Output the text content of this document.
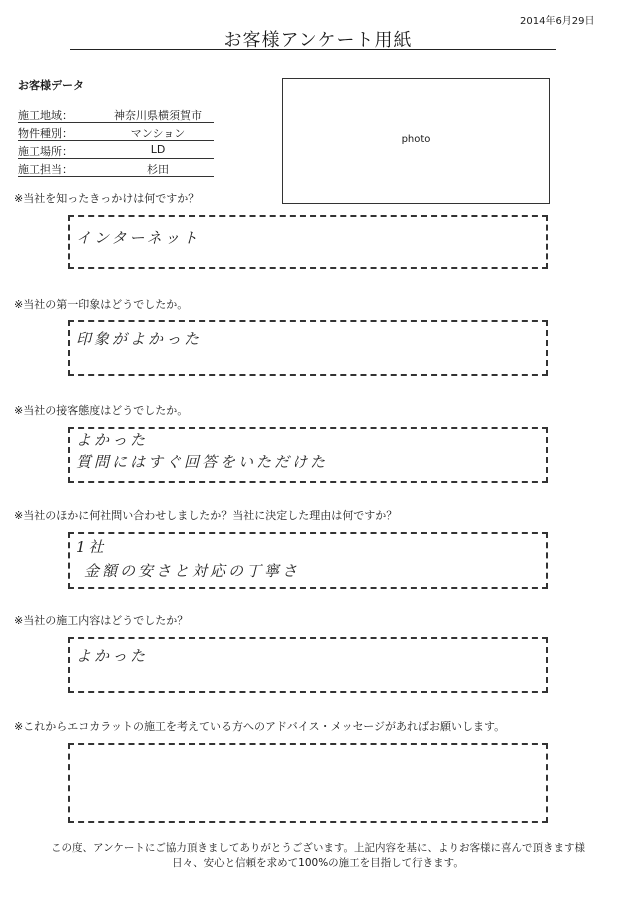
2014年6月29日
お客様アンケート用紙
お客様データ
施工地域：	神奈川県横須賀市
物件種別：	マンション
施工場所：	LD
施工担当：	杉田
photo
※当社を知ったきっかけは何ですか？
インターネット
※当社の第一印象はどうでしたか。
印象がよかった
※当社の接客態度はどうでしたか。
よかった
質問にはすぐ回答をいただけた
※当社のほかに何社問い合わせしましたか？当社に決定した理由は何ですか？
1社
金額の安さと対応の丁寧さ
※当社の施工内容はどうでしたか？
よかった
※これからエコカラットの施工を考えている方へのアドバイス・メッセージがあればお願いします。
この度、アンケートにご協力頂きましてありがとうございます。上記内容を基に、よりお客様に喜んで頂きます様
日々、安心と信頼を求めて100%の施工を目指して行きます。
